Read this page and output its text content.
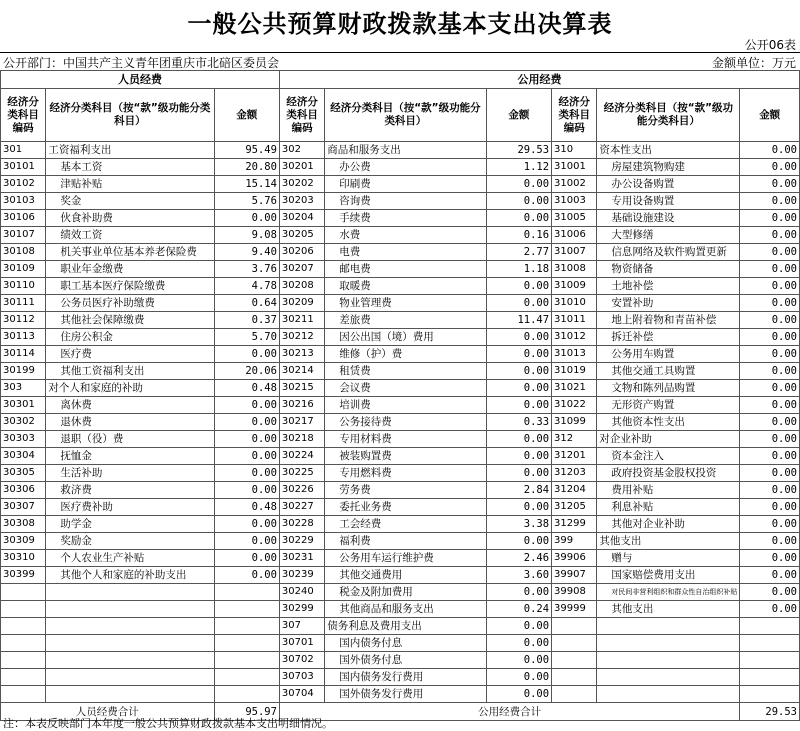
一般公共预算财政拨款基本支出决算表
公开06表
公开部门：中国共产主义青年团重庆市北碚区委员会	金额单位：万元
人员经费			公用经费					
经济分类科目编码	经济分类科目（按“款”级功能分类科目）	金额	经济分类科目编码	经济分类科目（按“款”级功能分类科目）	金额	经济分类科目编码	经济分类科目（按“款”级功能分类科目）	金额
301	工资福利支出	95.49	302	商品和服务支出	29.53	310	资本性支出	0.00
30101	基本工资	20.80	30201	办公费	1.12	31001	房屋建筑物购建	0.00
30102	津贴补贴	15.14	30202	印刷费	0.00	31002	办公设备购置	0.00
30103	奖金	5.76	30203	咨询费	0.00	31003	专用设备购置	0.00
30106	伙食补助费	0.00	30204	手续费	0.00	31005	基础设施建设	0.00
30107	绩效工资	9.08	30205	水费	0.16	31006	大型修缮	0.00
30108	机关事业单位基本养老保险费	9.40	30206	电费	2.77	31007	信息网络及软件购置更新	0.00
30109	职业年金缴费	3.76	30207	邮电费	1.18	31008	物资储备	0.00
30110	职工基本医疗保险缴费	4.78	30208	取暖费	0.00	31009	土地补偿	0.00
30111	公务员医疗补助缴费	0.64	30209	物业管理费	0.00	31010	安置补助	0.00
30112	其他社会保障缴费	0.37	30211	差旅费	11.47	31011	地上附着物和青苗补偿	0.00
30113	住房公积金	5.70	30212	因公出国（境）费用	0.00	31012	拆迁补偿	0.00
30114	医疗费	0.00	30213	维修（护）费	0.00	31013	公务用车购置	0.00
30199	其他工资福利支出	20.06	30214	租赁费	0.00	31019	其他交通工具购置	0.00
303	对个人和家庭的补助	0.48	30215	会议费	0.00	31021	文物和陈列品购置	0.00
30301	离休费	0.00	30216	培训费	0.00	31022	无形资产购置	0.00
30302	退休费	0.00	30217	公务接待费	0.33	31099	其他资本性支出	0.00
30303	退职（役）费	0.00	30218	专用材料费	0.00	312	对企业补助	0.00
30304	抚恤金	0.00	30224	被装购置费	0.00	31201	资本金注入	0.00
30305	生活补助	0.00	30225	专用燃料费	0.00	31203	政府投资基金股权投资	0.00
30306	救济费	0.00	30226	劳务费	2.84	31204	费用补贴	0.00
30307	医疗费补助	0.48	30227	委托业务费	0.00	31205	利息补贴	0.00
30308	助学金	0.00	30228	工会经费	3.38	31299	其他对企业补助	0.00
30309	奖励金	0.00	30229	福利费	0.00	399	其他支出	0.00
30310	个人农业生产补贴	0.00	30231	公务用车运行维护费	2.46	39906	赠与	0.00
30399	其他个人和家庭的补助支出	0.00	30239	其他交通费用	3.60	39907	国家赔偿费用支出	0.00
			30240	税金及附加费用	0.00	39908	对民间非营利组织和群众性自治组织补贴	0.00
			30299	其他商品和服务支出	0.24	39999	其他支出	0.00
			307	债务利息及费用支出	0.00			
			30701	国内债务付息	0.00			
			30702	国外债务付息	0.00			
			30703	国内债务发行费用	0.00			
			30704	国外债务发行费用	0.00			
人员经费合计		95.97	公用经费合计					29.53
注：本表反映部门本年度一般公共预算财政拨款基本支出明细情况。
